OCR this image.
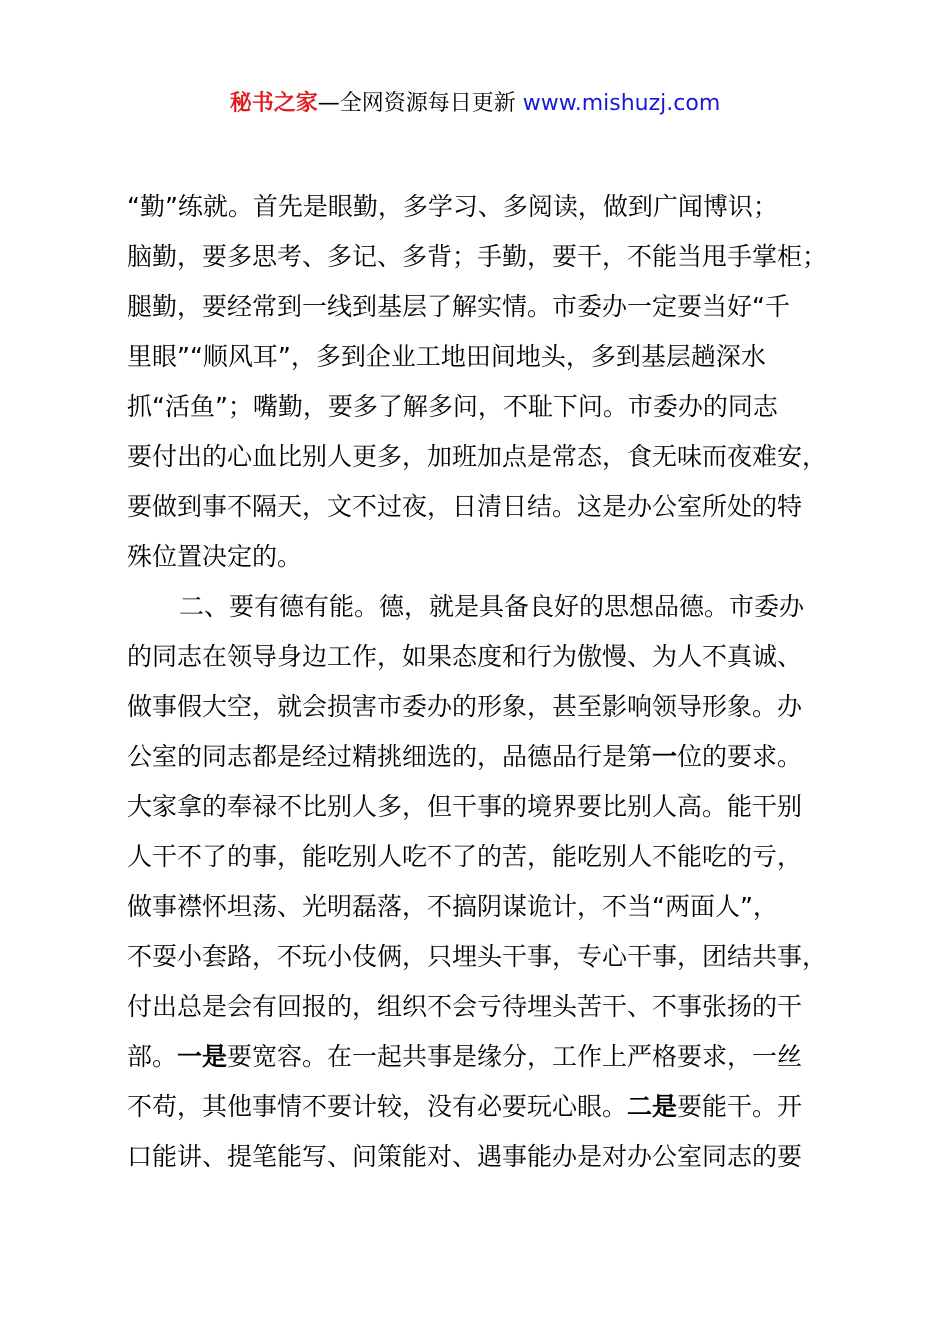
秘书之家—全网资源每日更新 www.mishuzj.com
“勤”练就。首先是眼勤，多学习、多阅读，做到广闻博识；
脑勤，要多思考、多记、多背；手勤，要干，不能当甩手掌柜；
腿勤，要经常到一线到基层了解实情。市委办一定要当好“千
里眼”“顺风耳”，多到企业工地田间地头，多到基层趟深水
抓“活鱼”；嘴勤，要多了解多问，不耻下问。市委办的同志
要付出的心血比别人更多，加班加点是常态，食无味而夜难安，
要做到事不隔天，文不过夜，日清日结。这是办公室所处的特
殊位置决定的。
二、要有德有能。德，就是具备良好的思想品德。市委办
的同志在领导身边工作，如果态度和行为傲慢、为人不真诚、
做事假大空，就会损害市委办的形象，甚至影响领导形象。办
公室的同志都是经过精挑细选的，品德品行是第一位的要求。
大家拿的奉禄不比别人多，但干事的境界要比别人高。能干别
人干不了的事，能吃别人吃不了的苦，能吃别人不能吃的亏，
做事襟怀坦荡、光明磊落，不搞阴谋诡计，不当“两面人”，
不耍小套路，不玩小伎俩，只埋头干事，专心干事，团结共事，
付出总是会有回报的，组织不会亏待埋头苦干、不事张扬的干
部。一是要宽容。在一起共事是缘分，工作上严格要求，一丝
不苟，其他事情不要计较，没有必要玩心眼。二是要能干。开
口能讲、提笔能写、问策能对、遇事能办是对办公室同志的要
